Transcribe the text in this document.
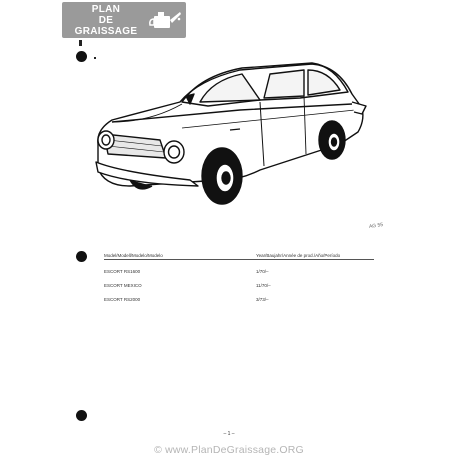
PLAN
DE
GRAISSAGE
AG 55
Model/Modell/Modelo/Modelo	Year/Baujahr/Année de prod./Año/Período
ESCORT RS1600	1/70/–
ESCORT MEXICO	11/70/–
ESCORT RS2000	3/73/–
– 1 –
© www.PlanDeGraissage.ORG
